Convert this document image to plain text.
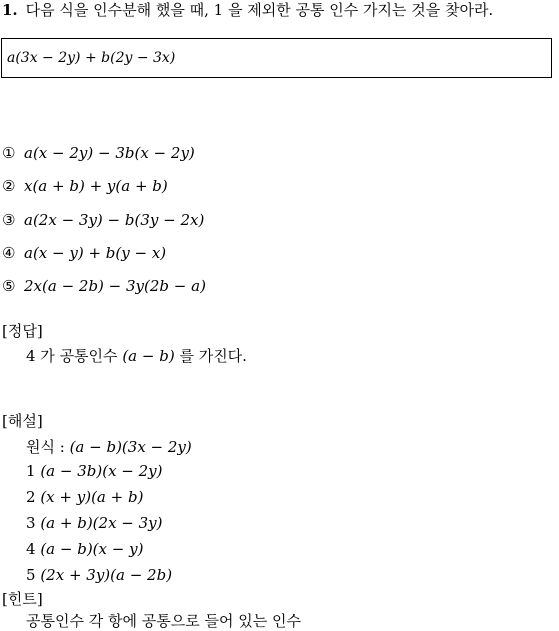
1. 다음 식을 인수분해 했을 때, 1 을 제외한 공통 인수 가지는 것을 찾아라.
a(3x − 2y) + b(2y − 3x)
① a(x − 2y) − 3b(x − 2y)
② x(a + b) + y(a + b)
③ a(2x − 3y) − b(3y − 2x)
④ a(x − y) + b(y − x)
⑤ 2x(a − 2b) − 3y(2b − a)
[정답]
4 가 공통인수 (a − b) 를 가진다.
[해설]
원식 : (a − b)(3x − 2y)
1 (a − 3b)(x − 2y)
2 (x + y)(a + b)
3 (a + b)(2x − 3y)
4 (a − b)(x − y)
5 (2x + 3y)(a − 2b)
[힌트]
공통인수 각 항에 공통으로 들어 있는 인수
